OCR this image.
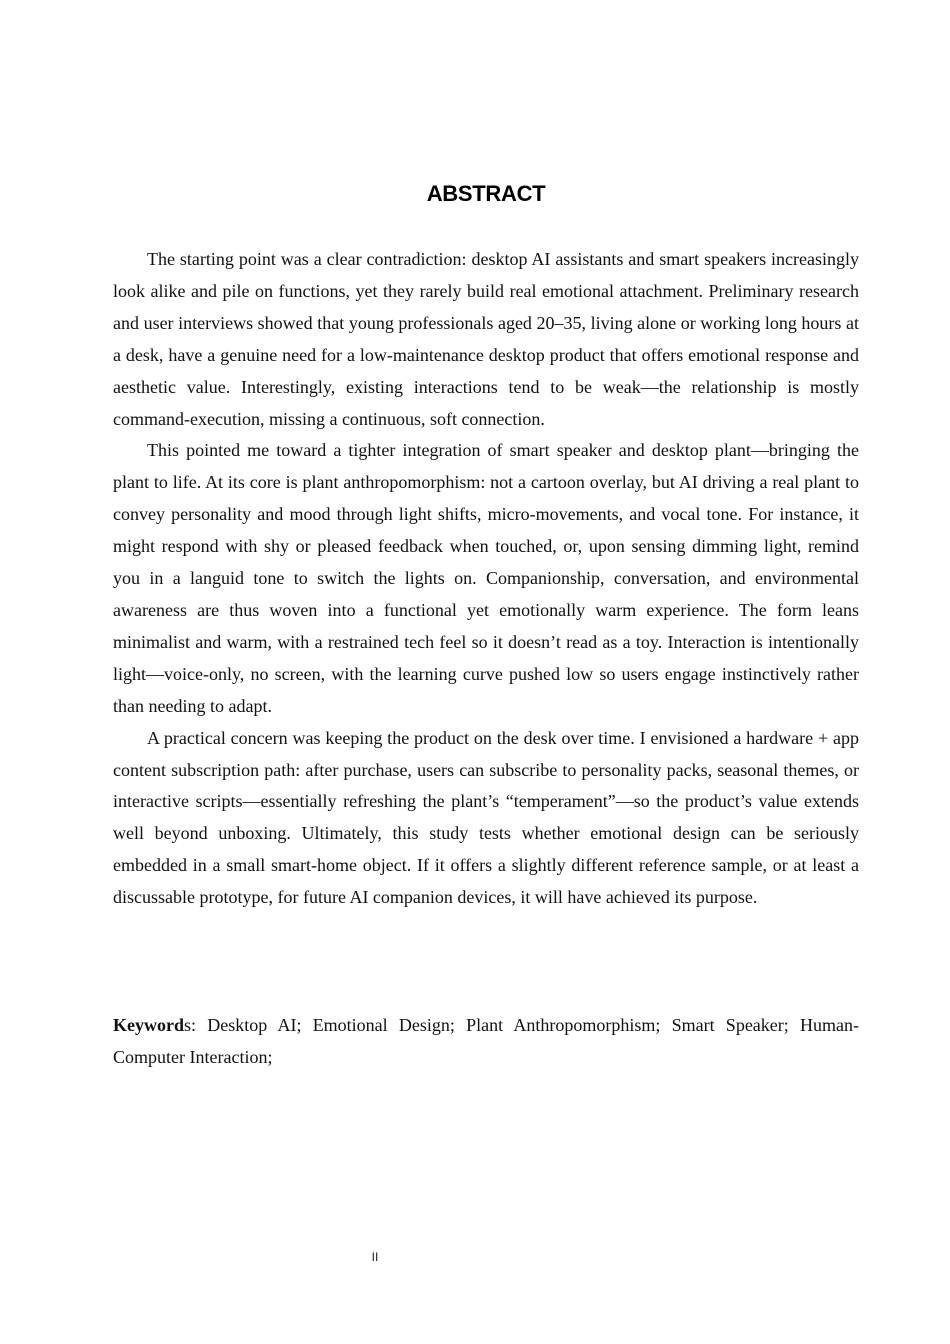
ABSTRACT

The starting point was a clear contradiction: desktop AI assistants and smart speakers increasingly look alike and pile on functions, yet they rarely build real emotional attachment. Preliminary research and user interviews showed that young professionals aged 20–35, living alone or working long hours at a desk, have a genuine need for a low-maintenance desktop product that offers emotional response and aesthetic value. Interestingly, existing interactions tend to be weak—the relationship is mostly command-execution, missing a continuous, soft connection.

This pointed me toward a tighter integration of smart speaker and desktop plant—bringing the plant to life. At its core is plant anthropomorphism: not a cartoon overlay, but AI driving a real plant to convey personality and mood through light shifts, micro-movements, and vocal tone. For instance, it might respond with shy or pleased feedback when touched, or, upon sensing dimming light, remind you in a languid tone to switch the lights on. Companionship, conversation, and environmental awareness are thus woven into a functional yet emotionally warm experience. The form leans minimalist and warm, with a restrained tech feel so it doesn’t read as a toy. Interaction is intentionally light—voice-only, no screen, with the learning curve pushed low so users engage instinctively rather than needing to adapt.

A practical concern was keeping the product on the desk over time. I envisioned a hardware + app content subscription path: after purchase, users can subscribe to personality packs, seasonal themes, or interactive scripts—essentially refreshing the plant’s “temperament”—so the product’s value extends well beyond unboxing. Ultimately, this study tests whether emotional design can be seriously embedded in a small smart-home object. If it offers a slightly different reference sample, or at least a discussable prototype, for future AI companion devices, it will have achieved its purpose.

Keywords: Desktop AI; Emotional Design; Plant Anthropomorphism; Smart Speaker; Human-Computer Interaction;

II
